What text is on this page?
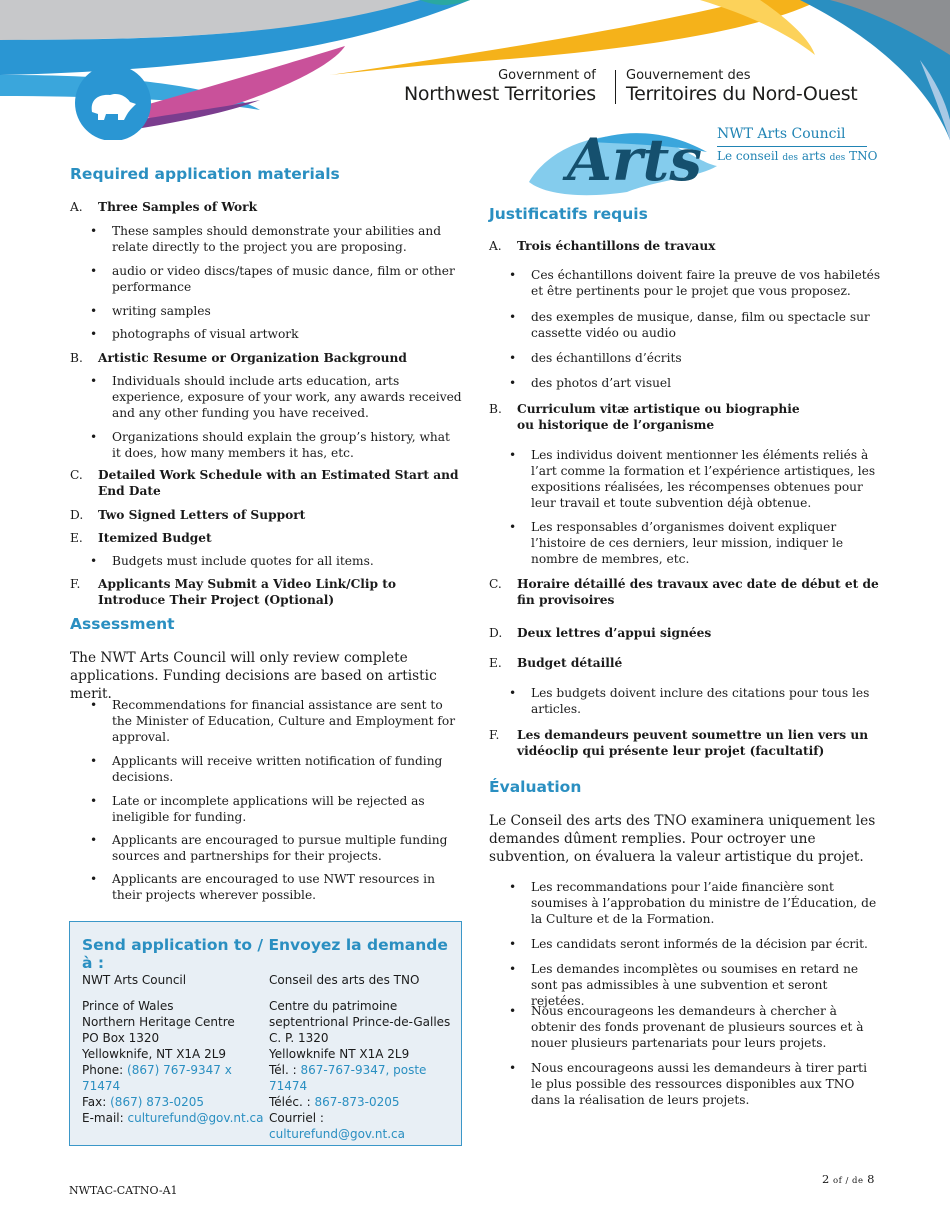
Government of
Northwest Territories
Gouvernement des
Territoires du Nord-Ouest
Arts NWT Arts Council
Le conseil des arts des TNO
Required application materials
A. Three Samples of Work
• These samples should demonstrate your abilities and relate directly to the project you are proposing.
• audio or video discs/tapes of music dance, film or other performance
• writing samples
• photographs of visual artwork
B. Artistic Resume or Organization Background
• Individuals should include arts education, arts experience, exposure of your work, any awards received and any other funding you have received.
• Organizations should explain the group’s history, what it does, how many members it has, etc.
C. Detailed Work Schedule with an Estimated Start and End Date
D. Two Signed Letters of Support
E. Itemized Budget
• Budgets must include quotes for all items.
F. Applicants May Submit a Video Link/Clip to Introduce Their Project (Optional)
Assessment
The NWT Arts Council will only review complete applications. Funding decisions are based on artistic merit.
• Recommendations for financial assistance are sent to the Minister of Education, Culture and Employment for approval.
• Applicants will receive written notification of funding decisions.
• Late or incomplete applications will be rejected as ineligible for funding.
• Applicants are encouraged to pursue multiple funding sources and partnerships for their projects.
• Applicants are encouraged to use NWT resources in their projects wherever possible.
Send application to / Envoyez la demande à :
NWT Arts Council
Prince of Wales
Northern Heritage Centre
PO Box 1320
Yellowknife, NT X1A 2L9
Phone: (867) 767-9347 x 71474
Fax: (867) 873-0205
E-mail: culturefund@gov.nt.ca
Conseil des arts des TNO
Centre du patrimoine
septentrional Prince-de-Galles
C. P. 1320
Yellowknife NT X1A 2L9
Tél. : 867-767-9347, poste
71474
Téléc. : 867-873-0205
Courriel : culturefund@gov.nt.ca
Justificatifs requis
A. Trois échantillons de travaux
• Ces échantillons doivent faire la preuve de vos habiletés et être pertinents pour le projet que vous proposez.
• des exemples de musique, danse, film ou spectacle sur cassette vidéo ou audio
• des échantillons d’écrits
• des photos d’art visuel
B. Curriculum vitæ artistique ou biographie ou historique de l’organisme
• Les individus doivent mentionner les éléments reliés à l’art comme la formation et l’expérience artistiques, les expositions réalisées, les récompenses obtenues pour leur travail et toute subvention déjà obtenue.
• Les responsables d’organismes doivent expliquer l’histoire de ces derniers, leur mission, indiquer le nombre de membres, etc.
C. Horaire détaillé des travaux avec date de début et de fin provisoires
D. Deux lettres d’appui signées
E. Budget détaillé
• Les budgets doivent inclure des citations pour tous les articles.
F. Les demandeurs peuvent soumettre un lien vers un vidéoclip qui présente leur projet (facultatif)
Évaluation
Le Conseil des arts des TNO examinera uniquement les demandes dûment remplies. Pour octroyer une subvention, on évaluera la valeur artistique du projet.
• Les recommandations pour l’aide financière sont soumises à l’approbation du ministre de l’Éducation, de la Culture et de la Formation.
• Les candidats seront informés de la décision par écrit.
• Les demandes incomplètes ou soumises en retard ne sont pas admissibles à une subvention et seront rejetées.
• Nous encourageons les demandeurs à chercher à obtenir des fonds provenant de plusieurs sources et à nouer plusieurs partenariats pour leurs projets.
• Nous encourageons aussi les demandeurs à tirer parti le plus possible des ressources disponibles aux TNO dans la réalisation de leurs projets.
NWTAC-CATNO-A1
2 of / de 8
